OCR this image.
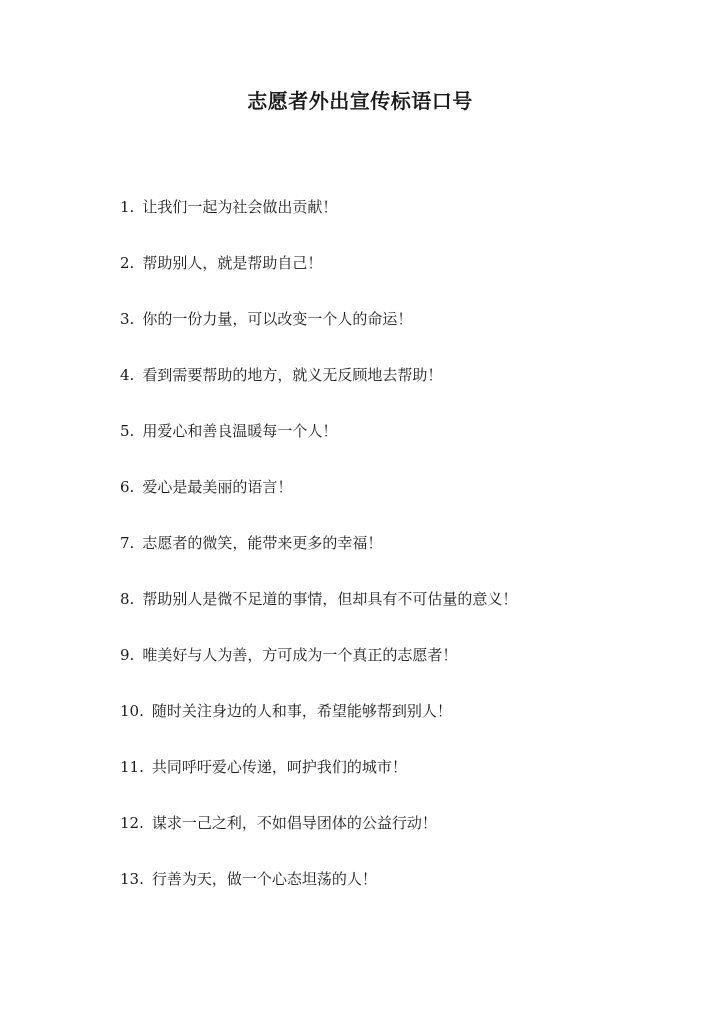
志愿者外出宣传标语口号
1. 让我们一起为社会做出贡献！
2. 帮助别人，就是帮助自己！
3. 你的一份力量，可以改变一个人的命运！
4. 看到需要帮助的地方，就义无反顾地去帮助！
5. 用爱心和善良温暖每一个人！
6. 爱心是最美丽的语言！
7. 志愿者的微笑，能带来更多的幸福！
8. 帮助别人是微不足道的事情，但却具有不可估量的意义！
9. 唯美好与人为善，方可成为一个真正的志愿者！
10. 随时关注身边的人和事，希望能够帮到别人！
11. 共同呼吁爱心传递，呵护我们的城市！
12. 谋求一己之利，不如倡导团体的公益行动！
13. 行善为天，做一个心态坦荡的人！
